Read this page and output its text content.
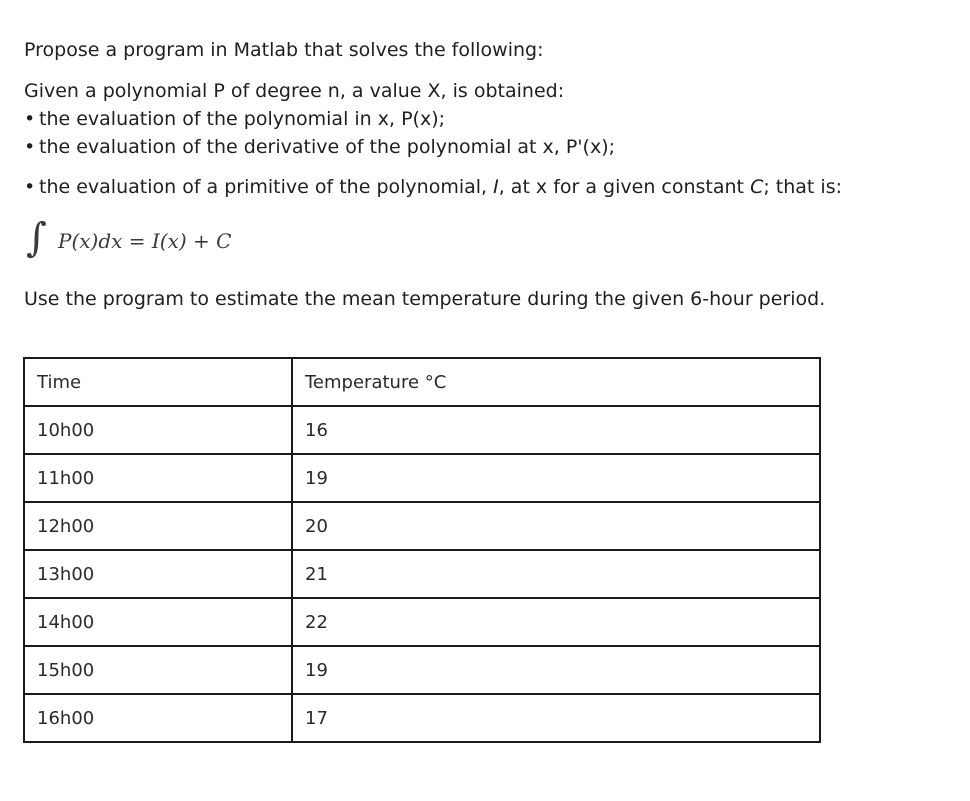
Propose a program in Matlab that solves the following:
Given a polynomial P of degree n, a value X, is obtained:
• the evaluation of the polynomial in x, P(x);
• the evaluation of the derivative of the polynomial at x, P'(x);
• the evaluation of a primitive of the polynomial, I, at x for a given constant C; that is:
∫ P(x)dx = I(x) + C
Use the program to estimate the mean temperature during the given 6-hour period.
Time	Temperature °C
10h00	16
11h00	19
12h00	20
13h00	21
14h00	22
15h00	19
16h00	17
